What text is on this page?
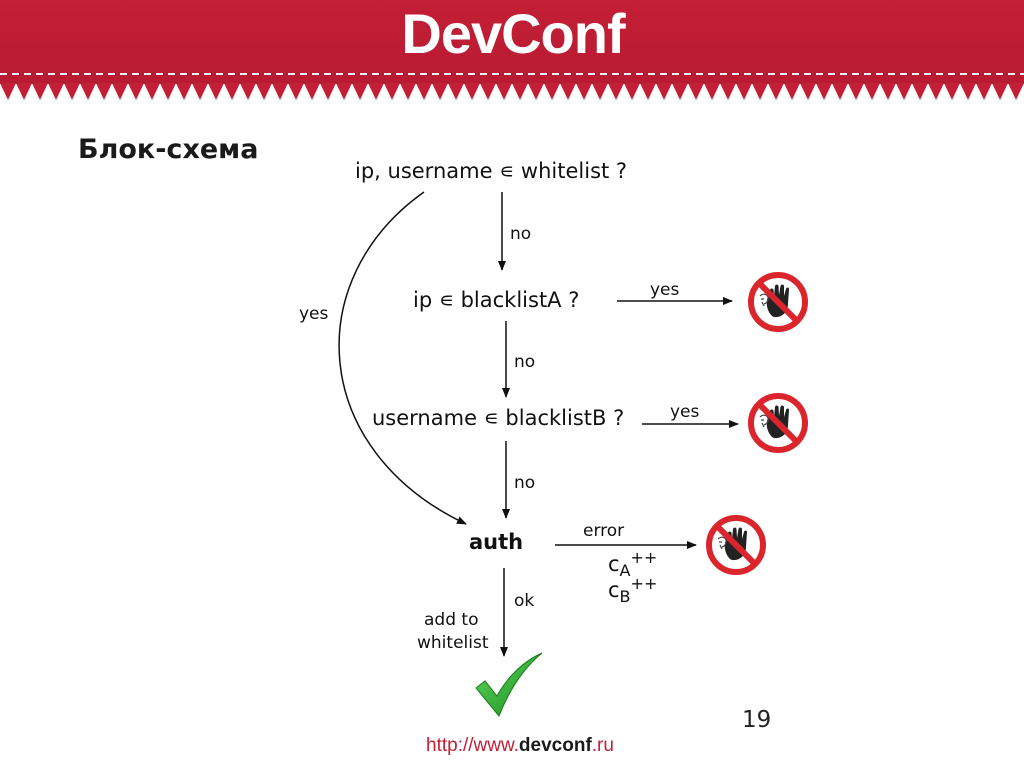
DevConf
Блок-схема
ip, username ∊ whitelist ?
ip ∊ blacklistA ?
username ∊ blacklistB ?
auth
no
yes
yes
no
yes
no
error
ok
add to
whitelist
$c_A^{++}$
$c_B^{++}$
19
http://www.devconf.ru
